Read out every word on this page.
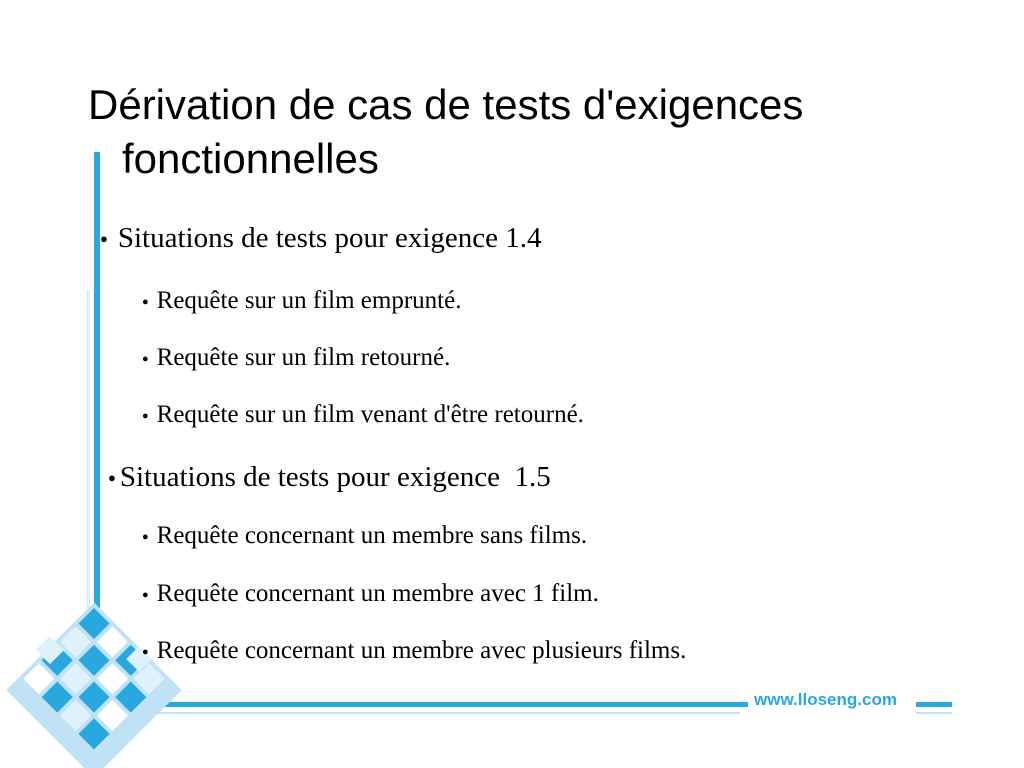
www.lloseng.com
Dérivation de cas de tests d'exigences
fonctionnelles
● Situations de tests pour exigence 1.4
● Requête sur un film emprunté.
● Requête sur un film retourné.
● Requête sur un film venant d'être retourné.
● Situations de tests pour exigence  1.5
● Requête concernant un membre sans films.
● Requête concernant un membre avec 1 film.
● Requête concernant un membre avec plusieurs films.
